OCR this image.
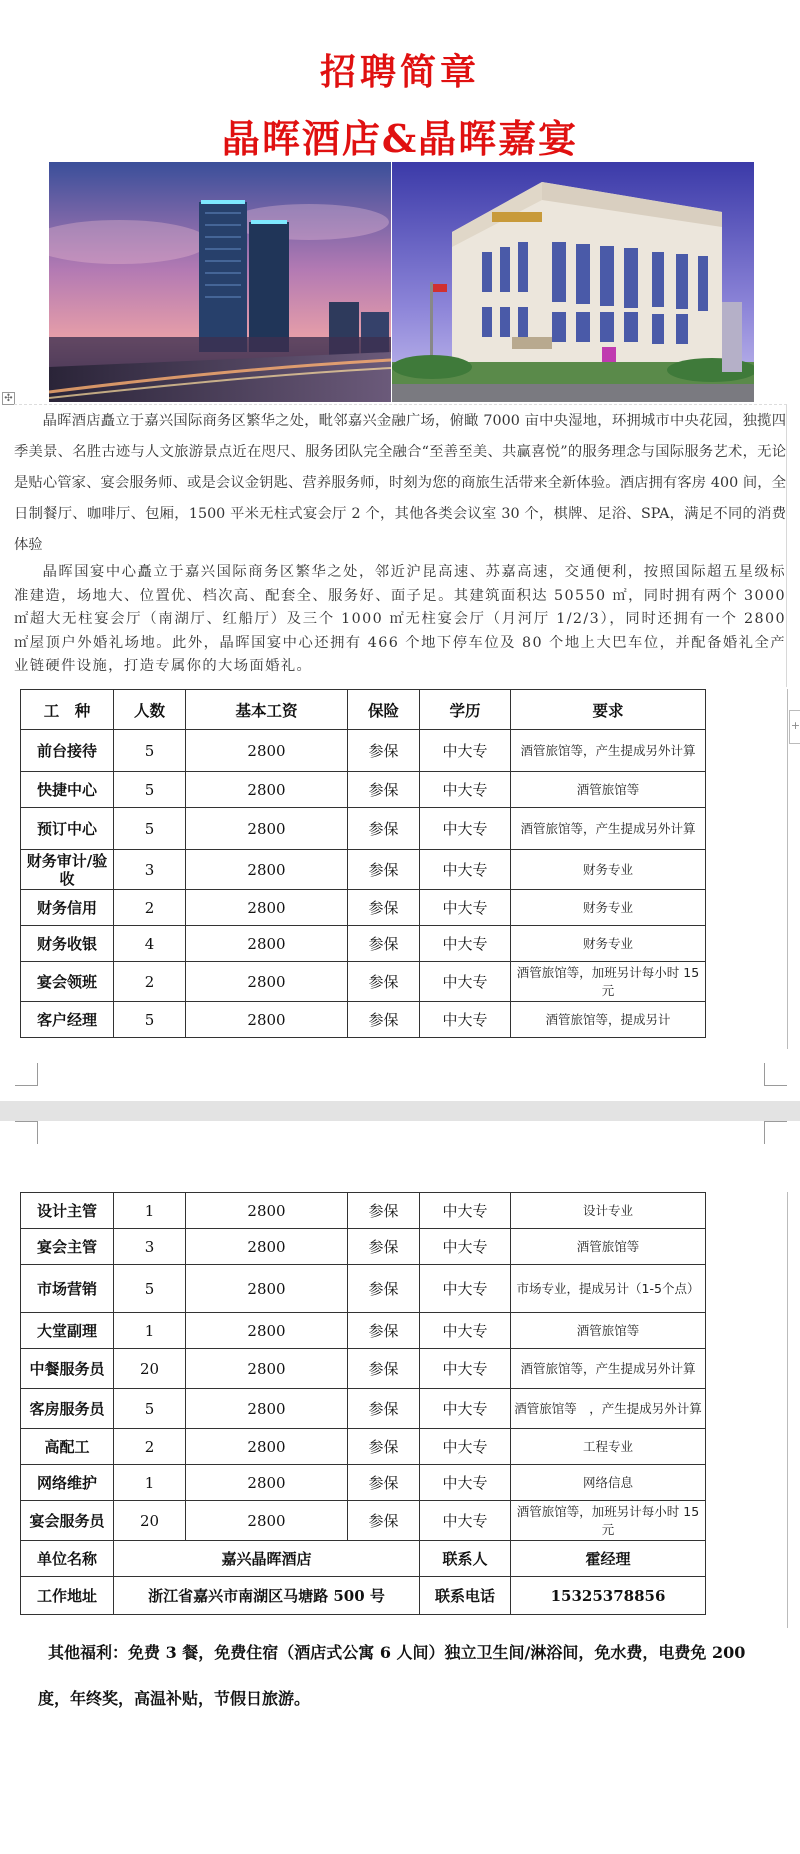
招聘简章
晶晖酒店&晶晖嘉宴
✣

晶晖酒店矗立于嘉兴国际商务区繁华之处，毗邻嘉兴金融广场，俯瞰 7000 亩中央湿地，环拥城市中央花园，独揽四季美景、名胜古迹与人文旅游景点近在咫尺、服务团队完全融合“至善至美、共赢喜悦”的服务理念与国际服务艺术，无论是贴心管家、宴会服务师、或是会议金钥匙、营养服务师，时刻为您的商旅生活带来全新体验。酒店拥有客房 400 间，全日制餐厅、咖啡厅、包厢，1500 平米无柱式宴会厅 2 个，其他各类会议室 30 个，棋牌、足浴、SPA，满足不同的消费体验

晶晖国宴中心矗立于嘉兴国际商务区繁华之处，邻近沪昆高速、苏嘉高速，交通便利，按照国际超五星级标准建造，场地大、位置优、档次高、配套全、服务好、面子足。其建筑面积达 50550 ㎡，同时拥有两个 3000 ㎡超大无柱宴会厅（南湖厅、红船厅）及三个 1000 ㎡无柱宴会厅（月河厅 1/2/3），同时还拥有一个 2800 ㎡屋顶户外婚礼场地。此外，晶晖国宴中心还拥有 466 个地下停车位及 80 个地上大巴车位，并配备婚礼全产业链硬件设施，打造专属你的大场面婚礼。

工　种	人数	基本工资	保险	学历	要求
前台接待	5	2800	参保	中大专	酒管旅馆等，产生提成另外计算
快捷中心	5	2800	参保	中大专	酒管旅馆等
预订中心	5	2800	参保	中大专	酒管旅馆等，产生提成另外计算
财务审计/验收	3	2800	参保	中大专	财务专业
财务信用	2	2800	参保	中大专	财务专业
财务收银	4	2800	参保	中大专	财务专业
宴会领班	2	2800	参保	中大专	酒管旅馆等，加班另计每小时 15元
客户经理	5	2800	参保	中大专	酒管旅馆等，提成另计
+
设计主管	1	2800	参保	中大专	设计专业
宴会主管	3	2800	参保	中大专	酒管旅馆等
市场营销	5	2800	参保	中大专	市场专业，提成另计（1-5个点）
大堂副理	1	2800	参保	中大专	酒管旅馆等
中餐服务员	20	2800	参保	中大专	酒管旅馆等，产生提成另外计算
客房服务员	5	2800	参保	中大专	酒管旅馆等　，产生提成另外计算
高配工	2	2800	参保	中大专	工程专业
网络维护	1	2800	参保	中大专	网络信息
宴会服务员	20	2800	参保	中大专	酒管旅馆等，加班另计每小时 15元
单位名称	嘉兴晶晖酒店			联系人	霍经理
工作地址	浙江省嘉兴市南湖区马塘路 500 号			联系电话	15325378856
其他福利：免费 3 餐，免费住宿（酒店式公寓 6 人间）独立卫生间/淋浴间，免水费，电费免 200 度，年终奖，高温补贴，节假日旅游。
